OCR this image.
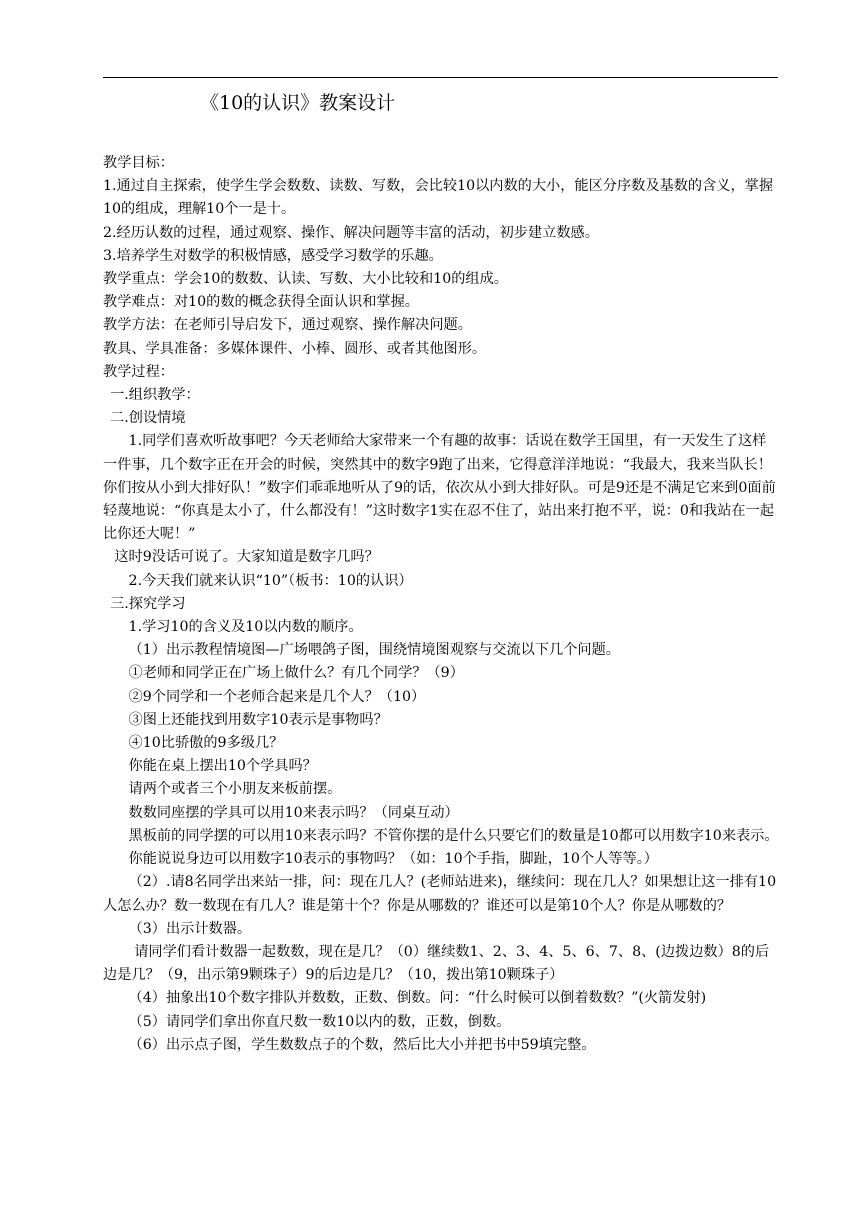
《10的认识》教案设计

教学目标：

1.通过自主探索，使学生学会数数、读数、写数，会比较10以内数的大小，能区分序数及基数的含义，掌握10的组成，理解10个一是十。

2.经历认数的过程，通过观察、操作、解决问题等丰富的活动，初步建立数感。

3.培养学生对数学的积极情感，感受学习数学的乐趣。

教学重点：学会10的数数、认读、写数、大小比较和10的组成。

教学难点：对10的数的概念获得全面认识和掌握。

教学方法：在老师引导启发下，通过观察、操作解决问题。

教具、学具准备：多媒体课件、小棒、圆形、或者其他图形。

教学过程：

一.组织教学：

二.创设情境

1.同学们喜欢听故事吧？今天老师给大家带来一个有趣的故事：话说在数学王国里，有一天发生了这样一件事，几个数字正在开会的时候，突然其中的数字9跑了出来，它得意洋洋地说：“我最大，我来当队长！你们按从小到大排好队！”数字们乖乖地听从了9的话，依次从小到大排好队。可是9还是不满足它来到0面前轻蔑地说：“你真是太小了，什么都没有！”这时数字1实在忍不住了，站出来打抱不平，说：0和我站在一起比你还大呢！”

这时9没话可说了。大家知道是数字几吗？

2.今天我们就来认识“10”（板书：10的认识）

三.探究学习

1.学习10的含义及10以内数的顺序。

（1）出示教程情境图—广场喂鸽子图，围绕情境图观察与交流以下几个问题。

①老师和同学正在广场上做什么？有几个同学？（9）

②9个同学和一个老师合起来是几个人？（10）

③图上还能找到用数字10表示是事物吗？

④10比骄傲的9多级几？

你能在桌上摆出10个学具吗？

请两个或者三个小朋友来板前摆。

数数同座摆的学具可以用10来表示吗？（同桌互动）

黑板前的同学摆的可以用10来表示吗？不管你摆的是什么只要它们的数量是10都可以用数字10来表示。

你能说说身边可以用数字10表示的事物吗？（如：10个手指，脚趾，10个人等等。）

（2）.请8名同学出来站一排，问：现在几人？(老师站进来)，继续问：现在几人？如果想让这一排有10人怎么办？数一数现在有几人？谁是第十个？你是从哪数的？谁还可以是第10个人？你是从哪数的？

（3）出示计数器。

请同学们看计数器一起数数，现在是几？（0）继续数1、2、3、4、5、6、7、8、(边拨边数）8的后边是几？（9，出示第9颗珠子）9的后边是几？（10，拨出第10颗珠子）

（4）抽象出10个数字排队并数数，正数、倒数。问：“什么时候可以倒着数数？”(火箭发射)

（5）请同学们拿出你直尺数一数10以内的数，正数，倒数。

（6）出示点子图，学生数数点子的个数，然后比大小并把书中59填完整。
